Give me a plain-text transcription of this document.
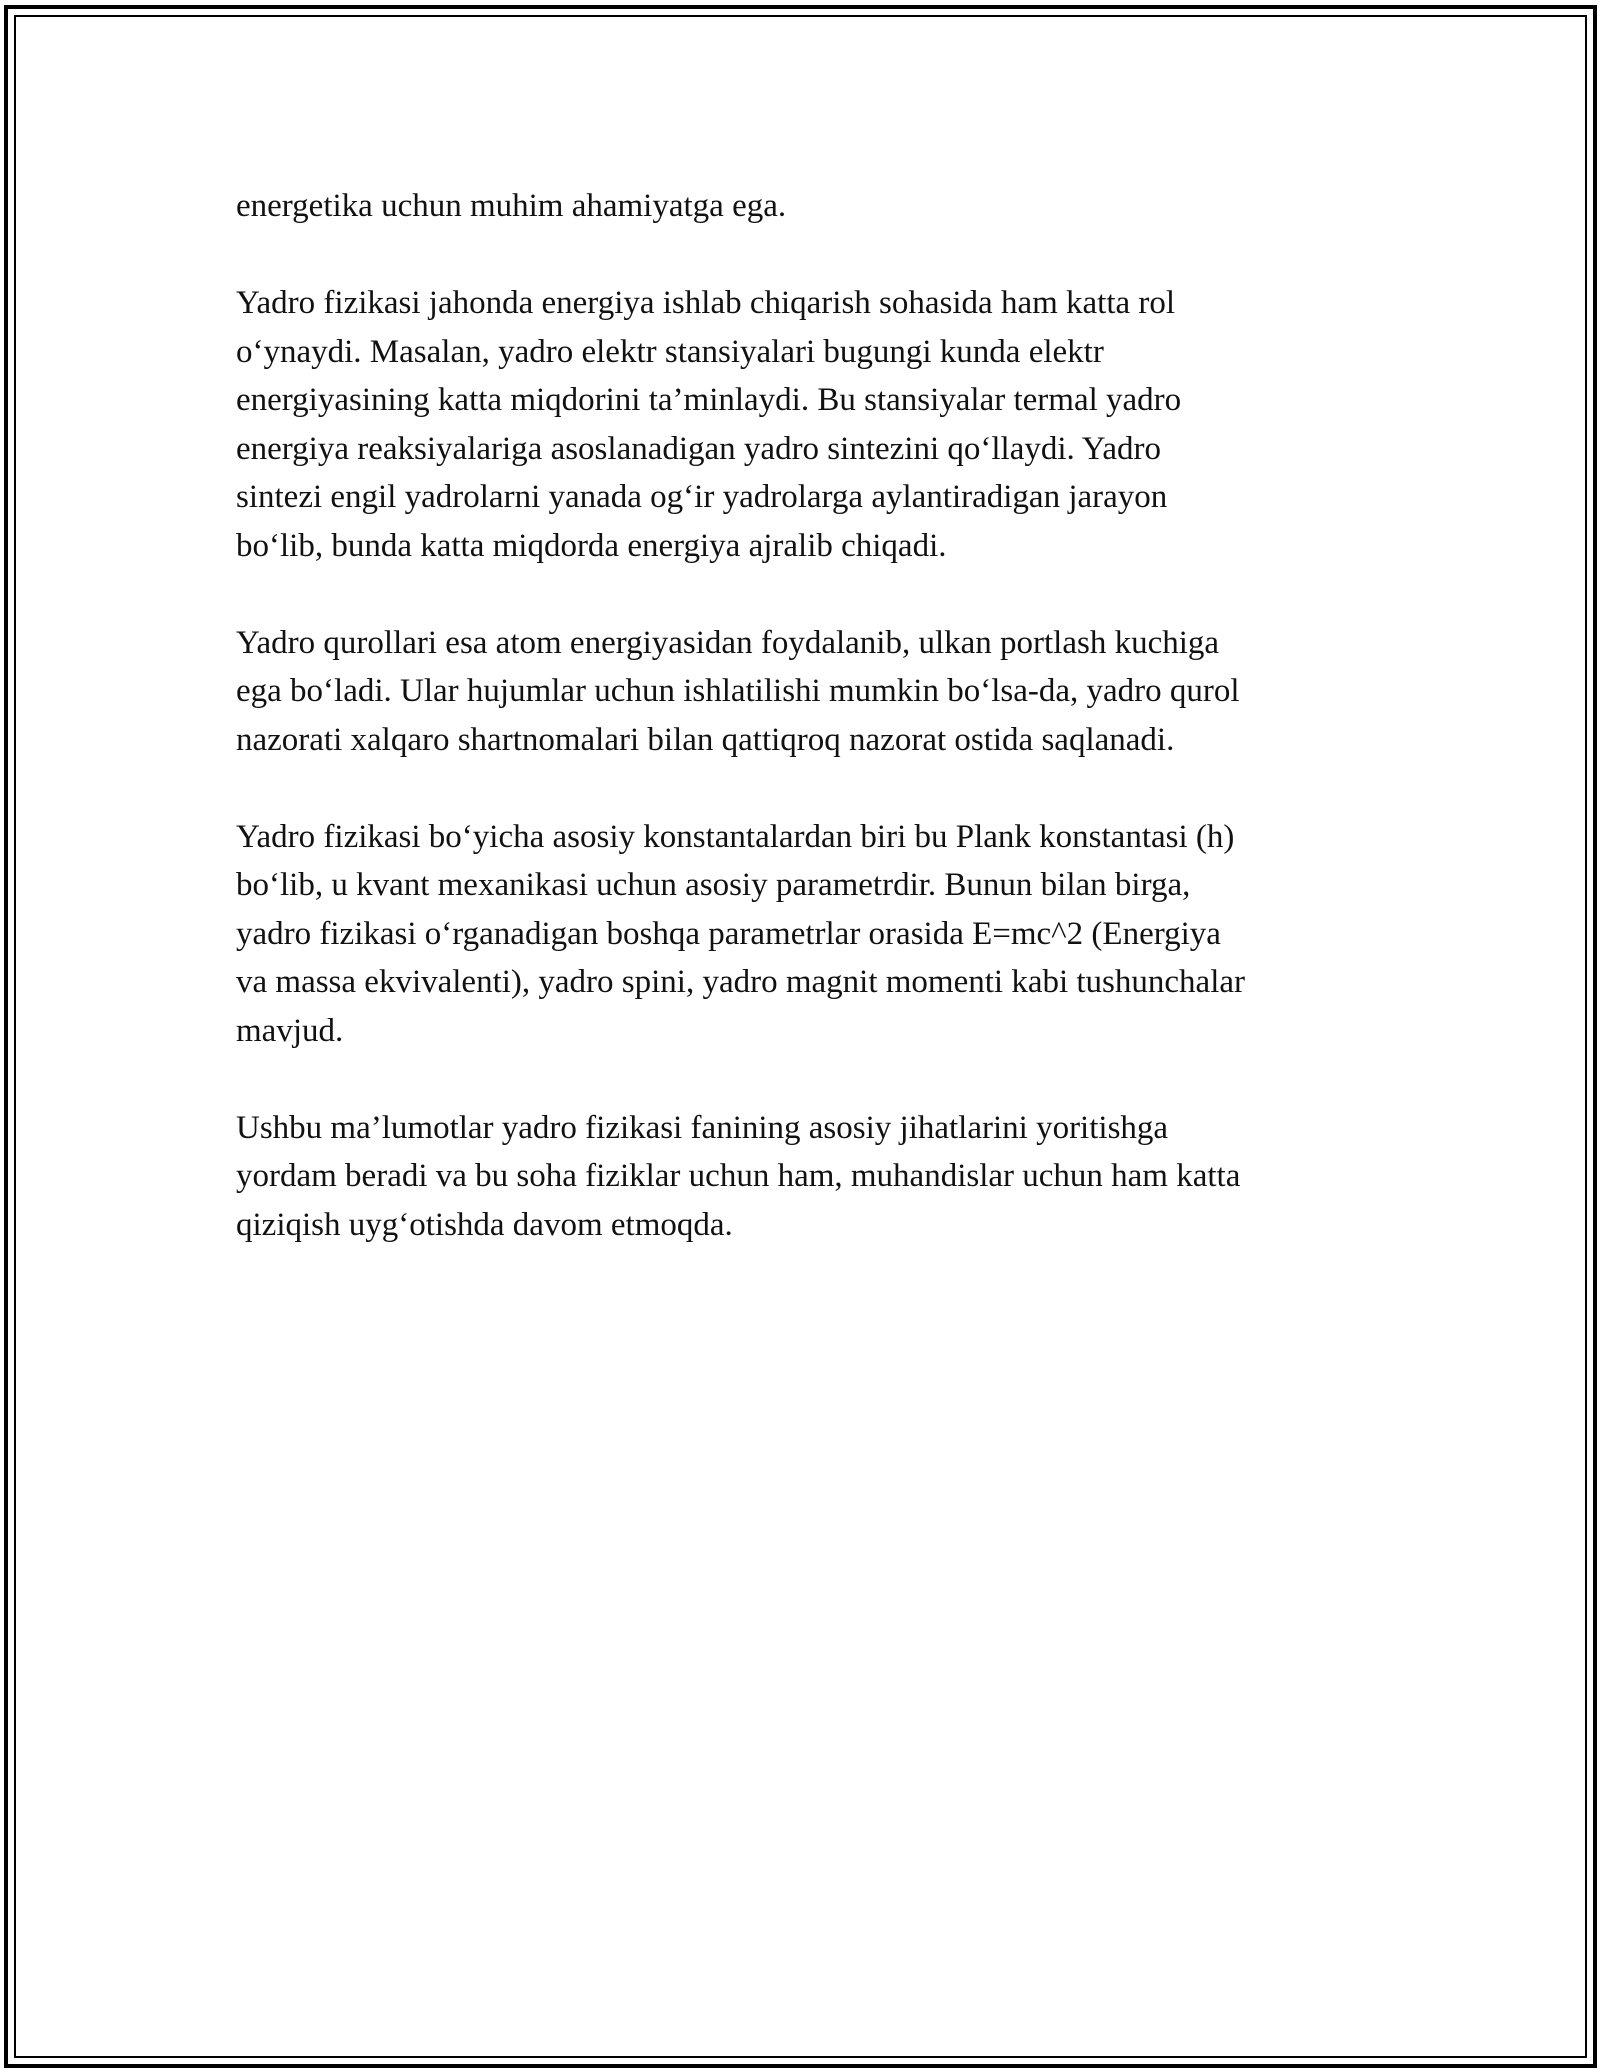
energetika uchun muhim ahamiyatga ega.

Yadro fizikasi jahonda energiya ishlab chiqarish sohasida ham katta rol
o‘ynaydi. Masalan, yadro elektr stansiyalari bugungi kunda elektr
energiyasining katta miqdorini ta’minlaydi. Bu stansiyalar termal yadro
energiya reaksiyalariga asoslanadigan yadro sintezini qo‘llaydi. Yadro
sintezi engil yadrolarni yanada og‘ir yadrolarga aylantiradigan jarayon
bo‘lib, bunda katta miqdorda energiya ajralib chiqadi.

Yadro qurollari esa atom energiyasidan foydalanib, ulkan portlash kuchiga
ega bo‘ladi. Ular hujumlar uchun ishlatilishi mumkin bo‘lsa-da, yadro qurol
nazorati xalqaro shartnomalari bilan qattiqroq nazorat ostida saqlanadi.

Yadro fizikasi bo‘yicha asosiy konstantalardan biri bu Plank konstantasi (h)
bo‘lib, u kvant mexanikasi uchun asosiy parametrdir. Bunun bilan birga,
yadro fizikasi o‘rganadigan boshqa parametrlar orasida E=mc^2 (Energiya
va massa ekvivalenti), yadro spini, yadro magnit momenti kabi tushunchalar
mavjud.

Ushbu ma’lumotlar yadro fizikasi fanining asosiy jihatlarini yoritishga
yordam beradi va bu soha fiziklar uchun ham, muhandislar uchun ham katta
qiziqish uyg‘otishda davom etmoqda.
